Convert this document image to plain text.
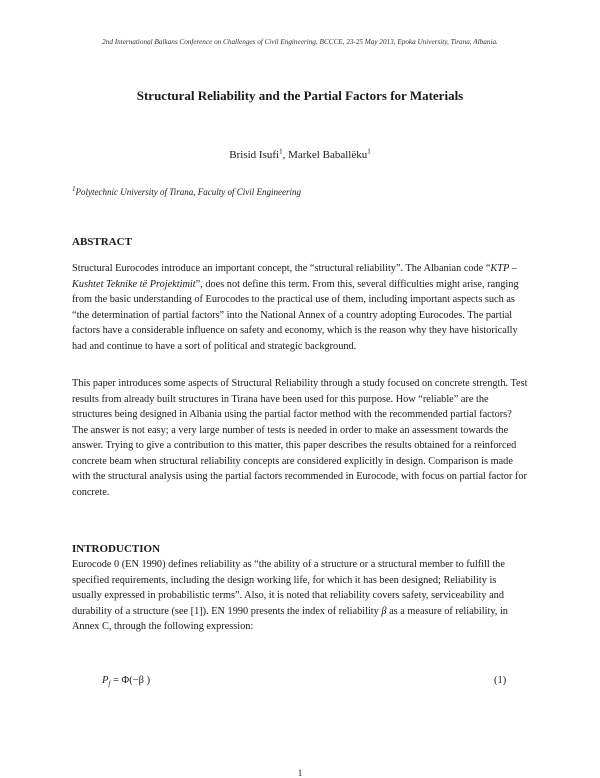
2nd International Balkans Conference on Challenges of Civil Engineering, BCCCE, 23-25 May 2013, Epoka University, Tirana, Albania.
Structural Reliability and the Partial Factors for Materials
Brisid Isufi$^1$, Markel Baballëku$^1$
$^1$Polytechnic University of Tirana, Faculty of Civil Engineering
ABSTRACT

Structural Eurocodes introduce an important concept, the “structural reliability”. The Albanian code “KTP – Kushtet Teknike të Projektimit”, does not define this term. From this, several difficulties might arise, ranging from the basic understanding of Eurocodes to the practical use of them, including important aspects such as “the determination of partial factors” into the National Annex of a country adopting Eurocodes. The partial factors have a considerable influence on safety and economy, which is the reason why they have historically had and continue to have a sort of political and strategic background.

This paper introduces some aspects of Structural Reliability through a study focused on concrete strength. Test results from already built structures in Tirana have been used for this purpose. How “reliable” are the structures being designed in Albania using the partial factor method with the recommended partial factors? The answer is not easy; a very large number of tests is needed in order to make an assessment towards the answer. Trying to give a contribution to this matter, this paper describes the results obtained for a reinforced concrete beam when structural reliability concepts are considered explicitly in design. Comparison is made with the structural analysis using the partial factors recommended in Eurocode, with focus on partial factor for concrete.

INTRODUCTION

Eurocode 0 (EN 1990) defines reliability as “the ability of a structure or a structural member to fulfill the specified requirements, including the design working life, for which it has been designed; Reliability is usually expressed in probabilistic terms”. Also, it is noted that reliability covers safety, serviceability and durability of a structure (see [1]). EN 1990 presents the index of reliability β as a measure of reliability, in Annex C, through the following expression:

$P_f = \Phi(-\beta$ )	(1)
1
